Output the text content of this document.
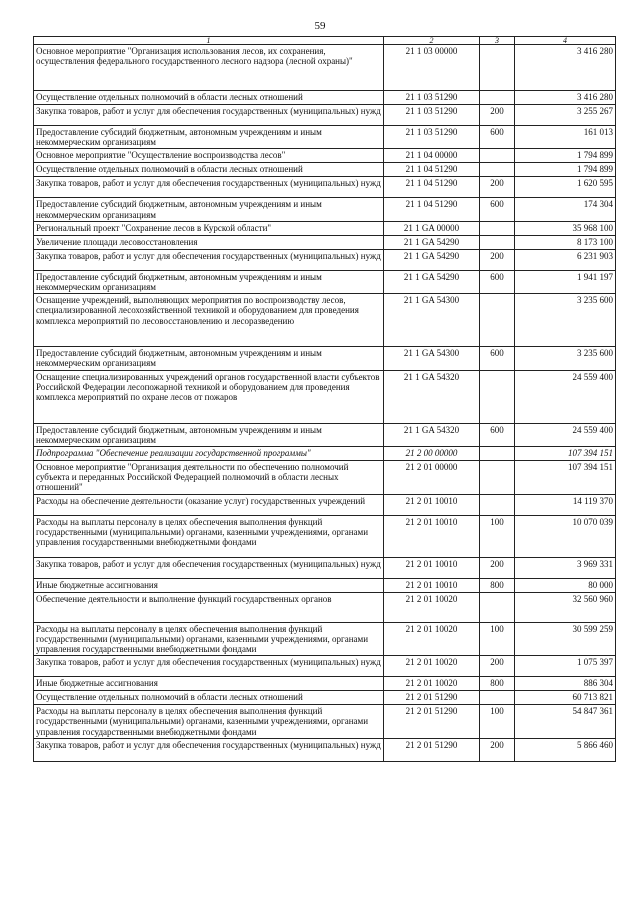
59
1	2	3	4
Основное мероприятие "Организация использования лесов, их сохранения, осуществления федерального государственного лесного надзора (лесной охраны)"	21 1 03 00000		3 416 280
Осуществление отдельных полномочий в области лесных отношений	21 1 03 51290		3 416 280
Закупка товаров, работ и услуг для обеспечения государственных (муниципальных) нужд	21 1 03 51290	200	3 255 267
Предоставление субсидий бюджетным, автономным учреждениям и иным некоммерческим организациям	21 1 03 51290	600	161 013
Основное мероприятие "Осуществление воспроизводства лесов"	21 1 04 00000		1 794 899
Осуществление отдельных полномочий в области лесных отношений	21 1 04 51290		1 794 899
Закупка товаров, работ и услуг для обеспечения государственных (муниципальных) нужд	21 1 04 51290	200	1 620 595
Предоставление субсидий бюджетным, автономным учреждениям и иным некоммерческим организациям	21 1 04 51290	600	174 304
Региональный проект "Сохранение лесов в Курской области"	21 1 GA 00000		35 968 100
Увеличение площади лесовосстановления	21 1 GA 54290		8 173 100
Закупка товаров, работ и услуг для обеспечения государственных (муниципальных) нужд	21 1 GA 54290	200	6 231 903
Предоставление субсидий бюджетным, автономным учреждениям и иным некоммерческим организациям	21 1 GA 54290	600	1 941 197
Оснащение учреждений, выполняющих мероприятия по воспроизводству лесов, специализированной лесохозяйственной техникой и оборудованием для проведения комплекса мероприятий по лесовосстановлению и лесоразведению	21 1 GA 54300		3 235 600
Предоставление субсидий бюджетным, автономным учреждениям и иным некоммерческим организациям	21 1 GA 54300	600	3 235 600
Оснащение специализированных учреждений органов государственной власти субъектов Российской Федерации лесопожарной техникой и оборудованием для проведения комплекса мероприятий по охране лесов от пожаров	21 1 GA 54320		24 559 400
Предоставление субсидий бюджетным, автономным учреждениям и иным некоммерческим организациям	21 1 GA 54320	600	24 559 400
Подпрограмма "Обеспечение реализации государственной программы"	21 2 00 00000		107 394 151
Основное мероприятие "Организация деятельности по обеспечению полномочий субъекта и переданных Российской Федерацией полномочий в области лесных отношений"	21 2 01 00000		107 394 151
Расходы на обеспечение деятельности (оказание услуг) государственных учреждений	21 2 01 10010		14 119 370
Расходы на выплаты персоналу в целях обеспечения выполнения функций государственными (муниципальными) органами, казенными учреждениями, органами управления государственными внебюджетными фондами	21 2 01 10010	100	10 070 039
Закупка товаров, работ и услуг для обеспечения государственных (муниципальных) нужд	21 2 01 10010	200	3 969 331
Иные бюджетные ассигнования	21 2 01 10010	800	80 000
Обеспечение деятельности и выполнение функций государственных органов	21 2 01 10020		32 560 960
Расходы на выплаты персоналу в целях обеспечения выполнения функций государственными (муниципальными) органами, казенными учреждениями, органами управления государственными внебюджетными фондами	21 2 01 10020	100	30 599 259
Закупка товаров, работ и услуг для обеспечения государственных (муниципальных) нужд	21 2 01 10020	200	1 075 397
Иные бюджетные ассигнования	21 2 01 10020	800	886 304
Осуществление отдельных полномочий в области лесных отношений	21 2 01 51290		60 713 821
Расходы на выплаты персоналу в целях обеспечения выполнения функций государственными (муниципальными) органами, казенными учреждениями, органами управления государственными внебюджетными фондами	21 2 01 51290	100	54 847 361
Закупка товаров, работ и услуг для обеспечения государственных (муниципальных) нужд	21 2 01 51290	200	5 866 460
